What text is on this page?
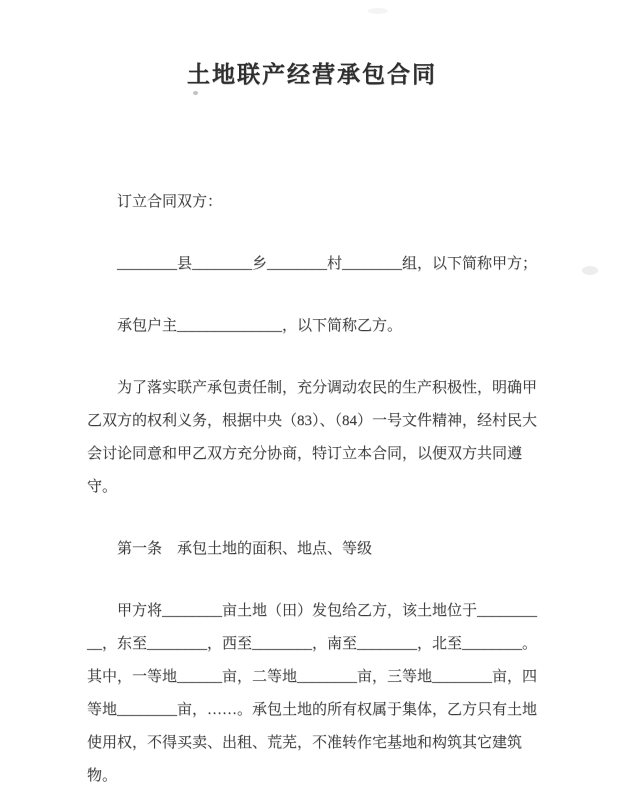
土地联产经营承包合同

订立合同双方：

________县________乡________村________组，以下简称甲方；

承包户主______________，以下简称乙方。

为了落实联产承包责任制，充分调动农民的生产积极性，明确甲乙双方的权利义务，根据中央（83）、（84）一号文件精神，经村民大会讨论同意和甲乙双方充分协商，特订立本合同，以便双方共同遵守。

第一条　承包土地的面积、地点、等级

甲方将________亩土地（田）发包给乙方，该土地位于__________，东至________，西至________，南至________，北至________。其中，一等地______亩，二等地________亩，三等地________亩，四等地________亩，……。承包土地的所有权属于集体，乙方只有土地使用权，不得买卖、出租、荒芜，不准转作宅基地和构筑其它建筑物。
